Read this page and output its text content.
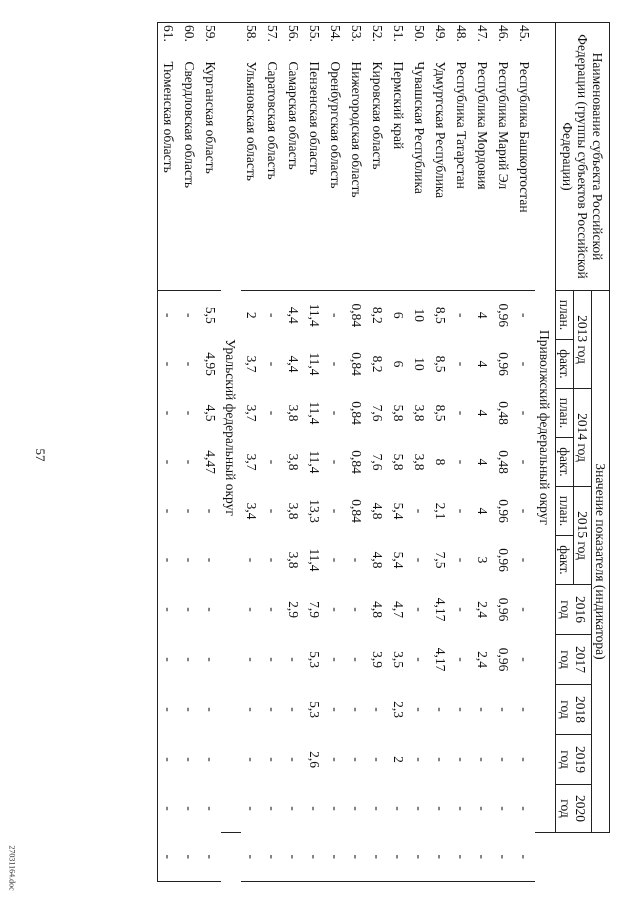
57
27031164.doc
Наименование субъекта Российской Федерации (группы субъектов Российской Федерации)		Значение показателя (индикатора)											
		2013 год		2014 год		2015 год		2016 год	2017 год	2018 год	2019 год	2020 год	
		план.	факт.	план.	факт.	план.	факт.						
Приволжский федеральный округ													
45.	Республика Башкортостан	-	-	-	-	-	-	-	-	-	-	-	-
46.	Республика Марий Эл	0,96	0,96	0,48	0,48	0,96	0,96	0,96	0,96	-	-	-	-
47.	Республика Мордовия	4	4	4	4	4	3	2,4	2,4	-	-	-	-
48.	Республика Татарстан	-	-	-	-	-	-	-	-	-	-	-	-
49.	Удмуртская Республика	8,5	8,5	8,5	8	2,1	7,5	4,17	4,17	-	-	-	-
50.	Чувашская Республика	10	10	3,8	3,8	-	-	-	-	-	-	-	-
51.	Пермский край	6	6	5,8	5,8	5,4	5,4	4,7	3,5	2,3	2	-	-
52.	Кировская область	8,2	8,2	7,6	7,6	4,8	4,8	4,8	3,9	-	-	-	-
53.	Нижегородская область	0,84	0,84	0,84	0,84	0,84	-	-	-	-	-	-	-
54.	Оренбургская область	-	-	-	-	-	-	-	-	-	-	-	-
55.	Пензенская область	11,4	11,4	11,4	11,4	13,3	11,4	7,9	5,3	5,3	2,6	-	-
56.	Самарская область	4,4	4,4	3,8	3,8	3,8	3,8	2,9	-	-	-	-	-
57.	Саратовская область	-	-	-	-	-	-	-	-	-	-	-	-
58.	Ульяновская область	2	3,7	3,7	3,7	3,4	-	-	-	-	-	-	-
Уральский федеральный округ													
59.	Курганская область	5,5	4,95	4,5	4,47	-	-	-	-	-	-	-	-
60.	Свердловская область	-	-	-	-	-	-	-	-	-	-	-	-
61.	Тюменская область	-	-	-	-	-	-	-	-	-	-	-	-
